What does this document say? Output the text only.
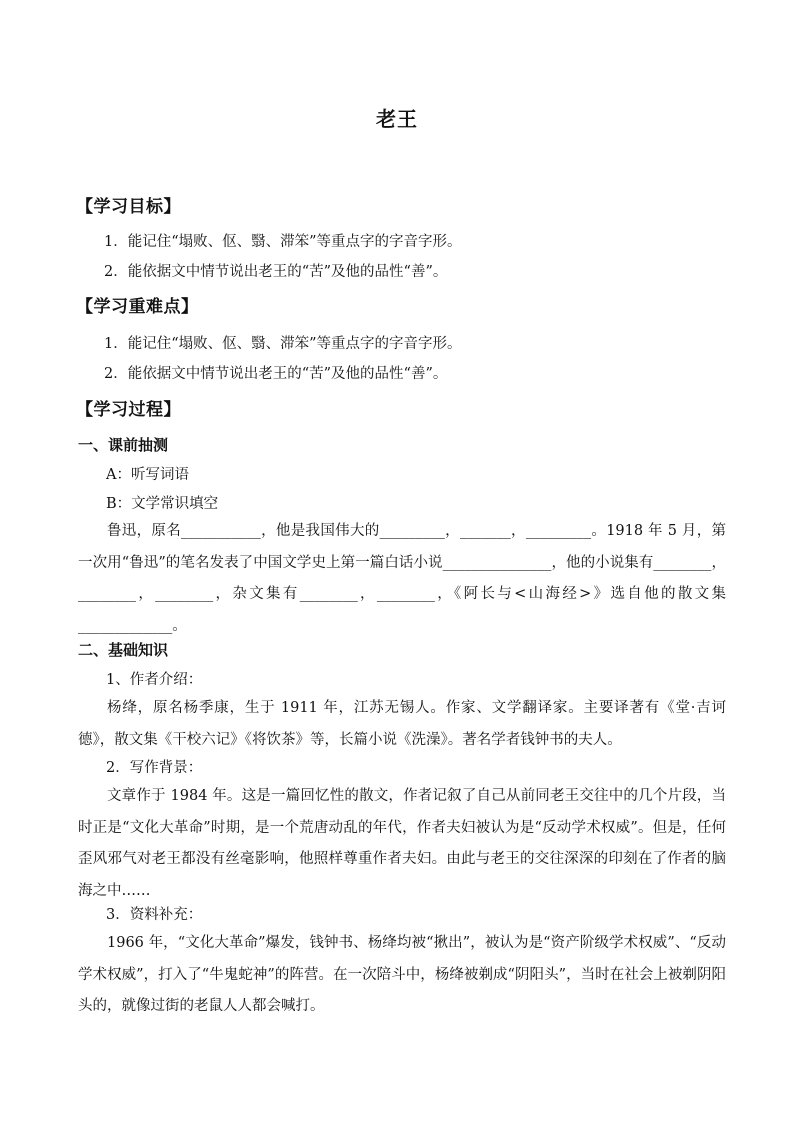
老王
【学习目标】
1．能记住“塌败、伛、翳、滞笨”等重点字的字音字形。
2．能依据文中情节说出老王的“苦”及他的品性“善”。
【学习重难点】
1．能记住“塌败、伛、翳、滞笨”等重点字的字音字形。
2．能依据文中情节说出老王的“苦”及他的品性“善”。
【学习过程】
一、课前抽测
A：听写词语
B：文学常识填空
鲁迅，原名___________，他是我国伟大的_________，_______，_________。1918 年 5 月，第一次用“鲁迅”的笔名发表了中国文学史上第一篇白话小说_______________，他的小说集有________，________，________，杂文集有________，________，《阿长与<山海经>》选自他的散文集_____________。
二、基础知识
1、作者介绍：
杨绛，原名杨季康，生于 1911 年，江苏无锡人。作家、文学翻译家。主要译著有《堂·吉诃德》，散文集《干校六记》《将饮茶》等，长篇小说《洗澡》。著名学者钱钟书的夫人。
2．写作背景：
文章作于 1984 年。这是一篇回忆性的散文，作者记叙了自己从前同老王交往中的几个片段，当时正是“文化大革命”时期，是一个荒唐动乱的年代，作者夫妇被认为是“反动学术权威”。但是，任何歪风邪气对老王都没有丝毫影响，他照样尊重作者夫妇。由此与老王的交往深深的印刻在了作者的脑海之中……
3．资料补充：
1966 年，“文化大革命”爆发，钱钟书、杨绛均被“揪出”，被认为是“资产阶级学术权威”、“反动学术权威”，打入了“牛鬼蛇神”的阵营。在一次陪斗中，杨绛被剃成“阴阳头”，当时在社会上被剃阴阳头的，就像过街的老鼠人人都会喊打。
